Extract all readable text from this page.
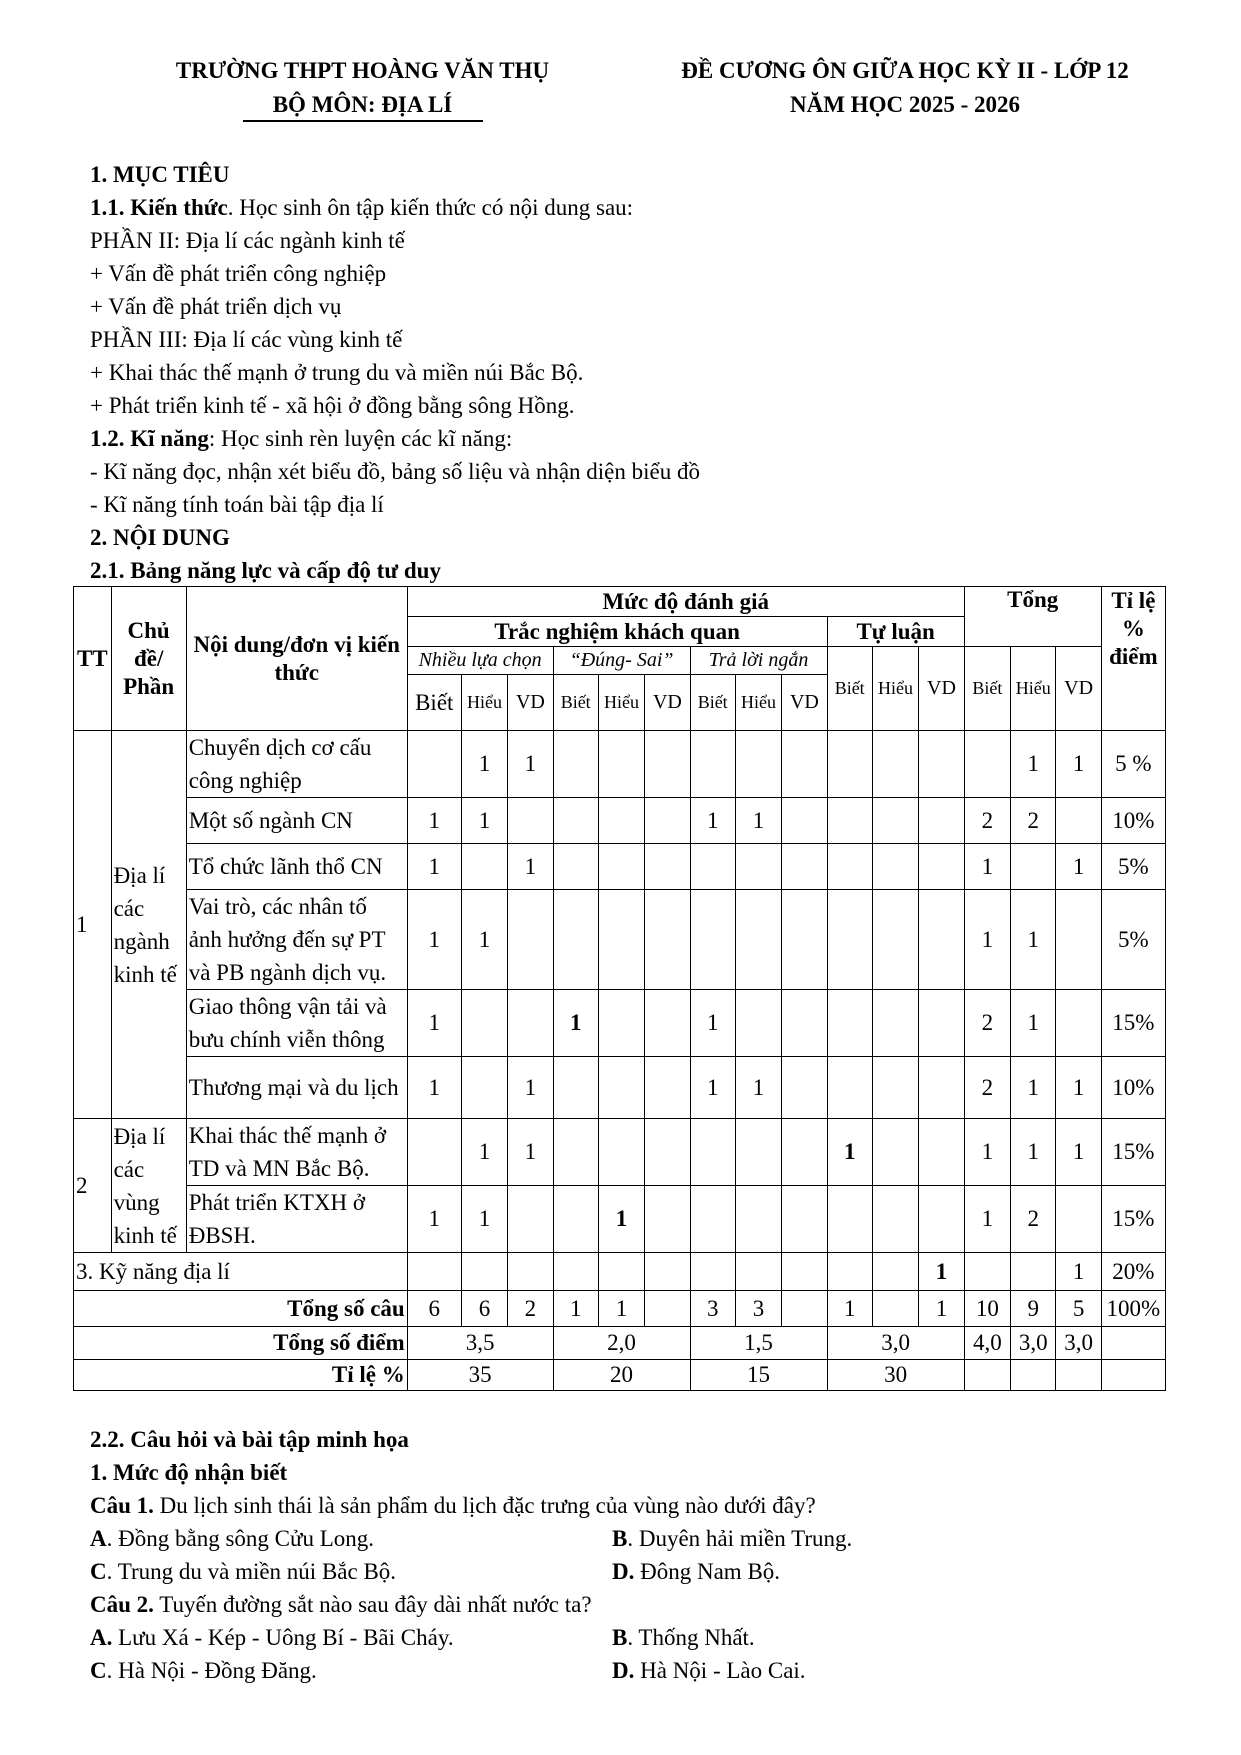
TRƯỜNG THPT HOÀNG VĂN THỤ
BỘ MÔN: ĐỊA LÍ
ĐỀ CƯƠNG ÔN GIỮA HỌC KỲ II - LỚP 12
NĂM HỌC 2025 - 2026
1. MỤC TIÊU
1.1. Kiến thức. Học sinh ôn tập kiến thức có nội dung sau:
PHẦN II: Địa lí các ngành kinh tế
+ Vấn đề phát triển công nghiệp
+ Vấn đề phát triển dịch vụ
PHẦN III: Địa lí các vùng kinh tế
+ Khai thác thế mạnh ở trung du và miền núi Bắc Bộ.
+ Phát triển kinh tế - xã hội ở đồng bằng sông Hồng.
1.2. Kĩ năng: Học sinh rèn luyện các kĩ năng:
- Kĩ năng đọc, nhận xét biểu đồ, bảng số liệu và nhận diện biểu đồ
- Kĩ năng tính toán bài tập địa lí
2. NỘI DUNG
2.1. Bảng năng lực và cấp độ tư duy
TT	Chủ đề/ Phần	Nội dung/đơn vị kiến thức	Mức độ đánh giá												Tổng			Tỉ lệ % điểm
			Trắc nghiệm khách quan									Tự luận						
			Nhiều lựa chọn			“Đúng- Sai”			Trả lời ngắn			Biết	Hiểu	VD	Biết	Hiểu	VD	
			Biết	Hiểu	VD	Biết	Hiểu	VD	Biết	Hiểu	VD							
1	Địa lí các ngành kinh tế	Chuyển dịch cơ cấu công nghiệp		1	1											1	1	5 %
		Một số ngành CN	1	1					1	1					2	2		10%
		Tổ chức lãnh thổ CN	1		1										1		1	5%
		Vai trò, các nhân tố ảnh hưởng đến sự PT và PB ngành dịch vụ.	1	1											1	1		5%
		Giao thông vận tải và bưu chính viễn thông	1			1			1						2	1		15%
		Thương mại và du lịch	1		1				1	1					2	1	1	10%
2	Địa lí các vùng kinh tế	Khai thác thế mạnh ở TD và MN Bắc Bộ.		1	1							1			1	1	1	15%
		Phát triển KTXH ở ĐBSH.	1	1			1								1	2		15%
3. Kỹ năng địa lí														1			1	20%
Tổng số câu			6	6	2	1	1		3	3		1		1	10	9	5	100%
Tổng số điểm			3,5			2,0			1,5			3,0			4,0	3,0	3,0	
Tỉ lệ %			35			20			15			30						
2.2. Câu hỏi và bài tập minh họa
1. Mức độ nhận biết
Câu 1. Du lịch sinh thái là sản phẩm du lịch đặc trưng của vùng nào dưới đây?
A. Đồng bằng sông Cửu Long.	B. Duyên hải miền Trung.
C. Trung du và miền núi Bắc Bộ.	D. Đông Nam Bộ.
Câu 2. Tuyến đường sắt nào sau đây dài nhất nước ta?
A. Lưu Xá - Kép - Uông Bí - Bãi Cháy.	B. Thống Nhất.
C. Hà Nội - Đồng Đăng.	D. Hà Nội - Lào Cai.
